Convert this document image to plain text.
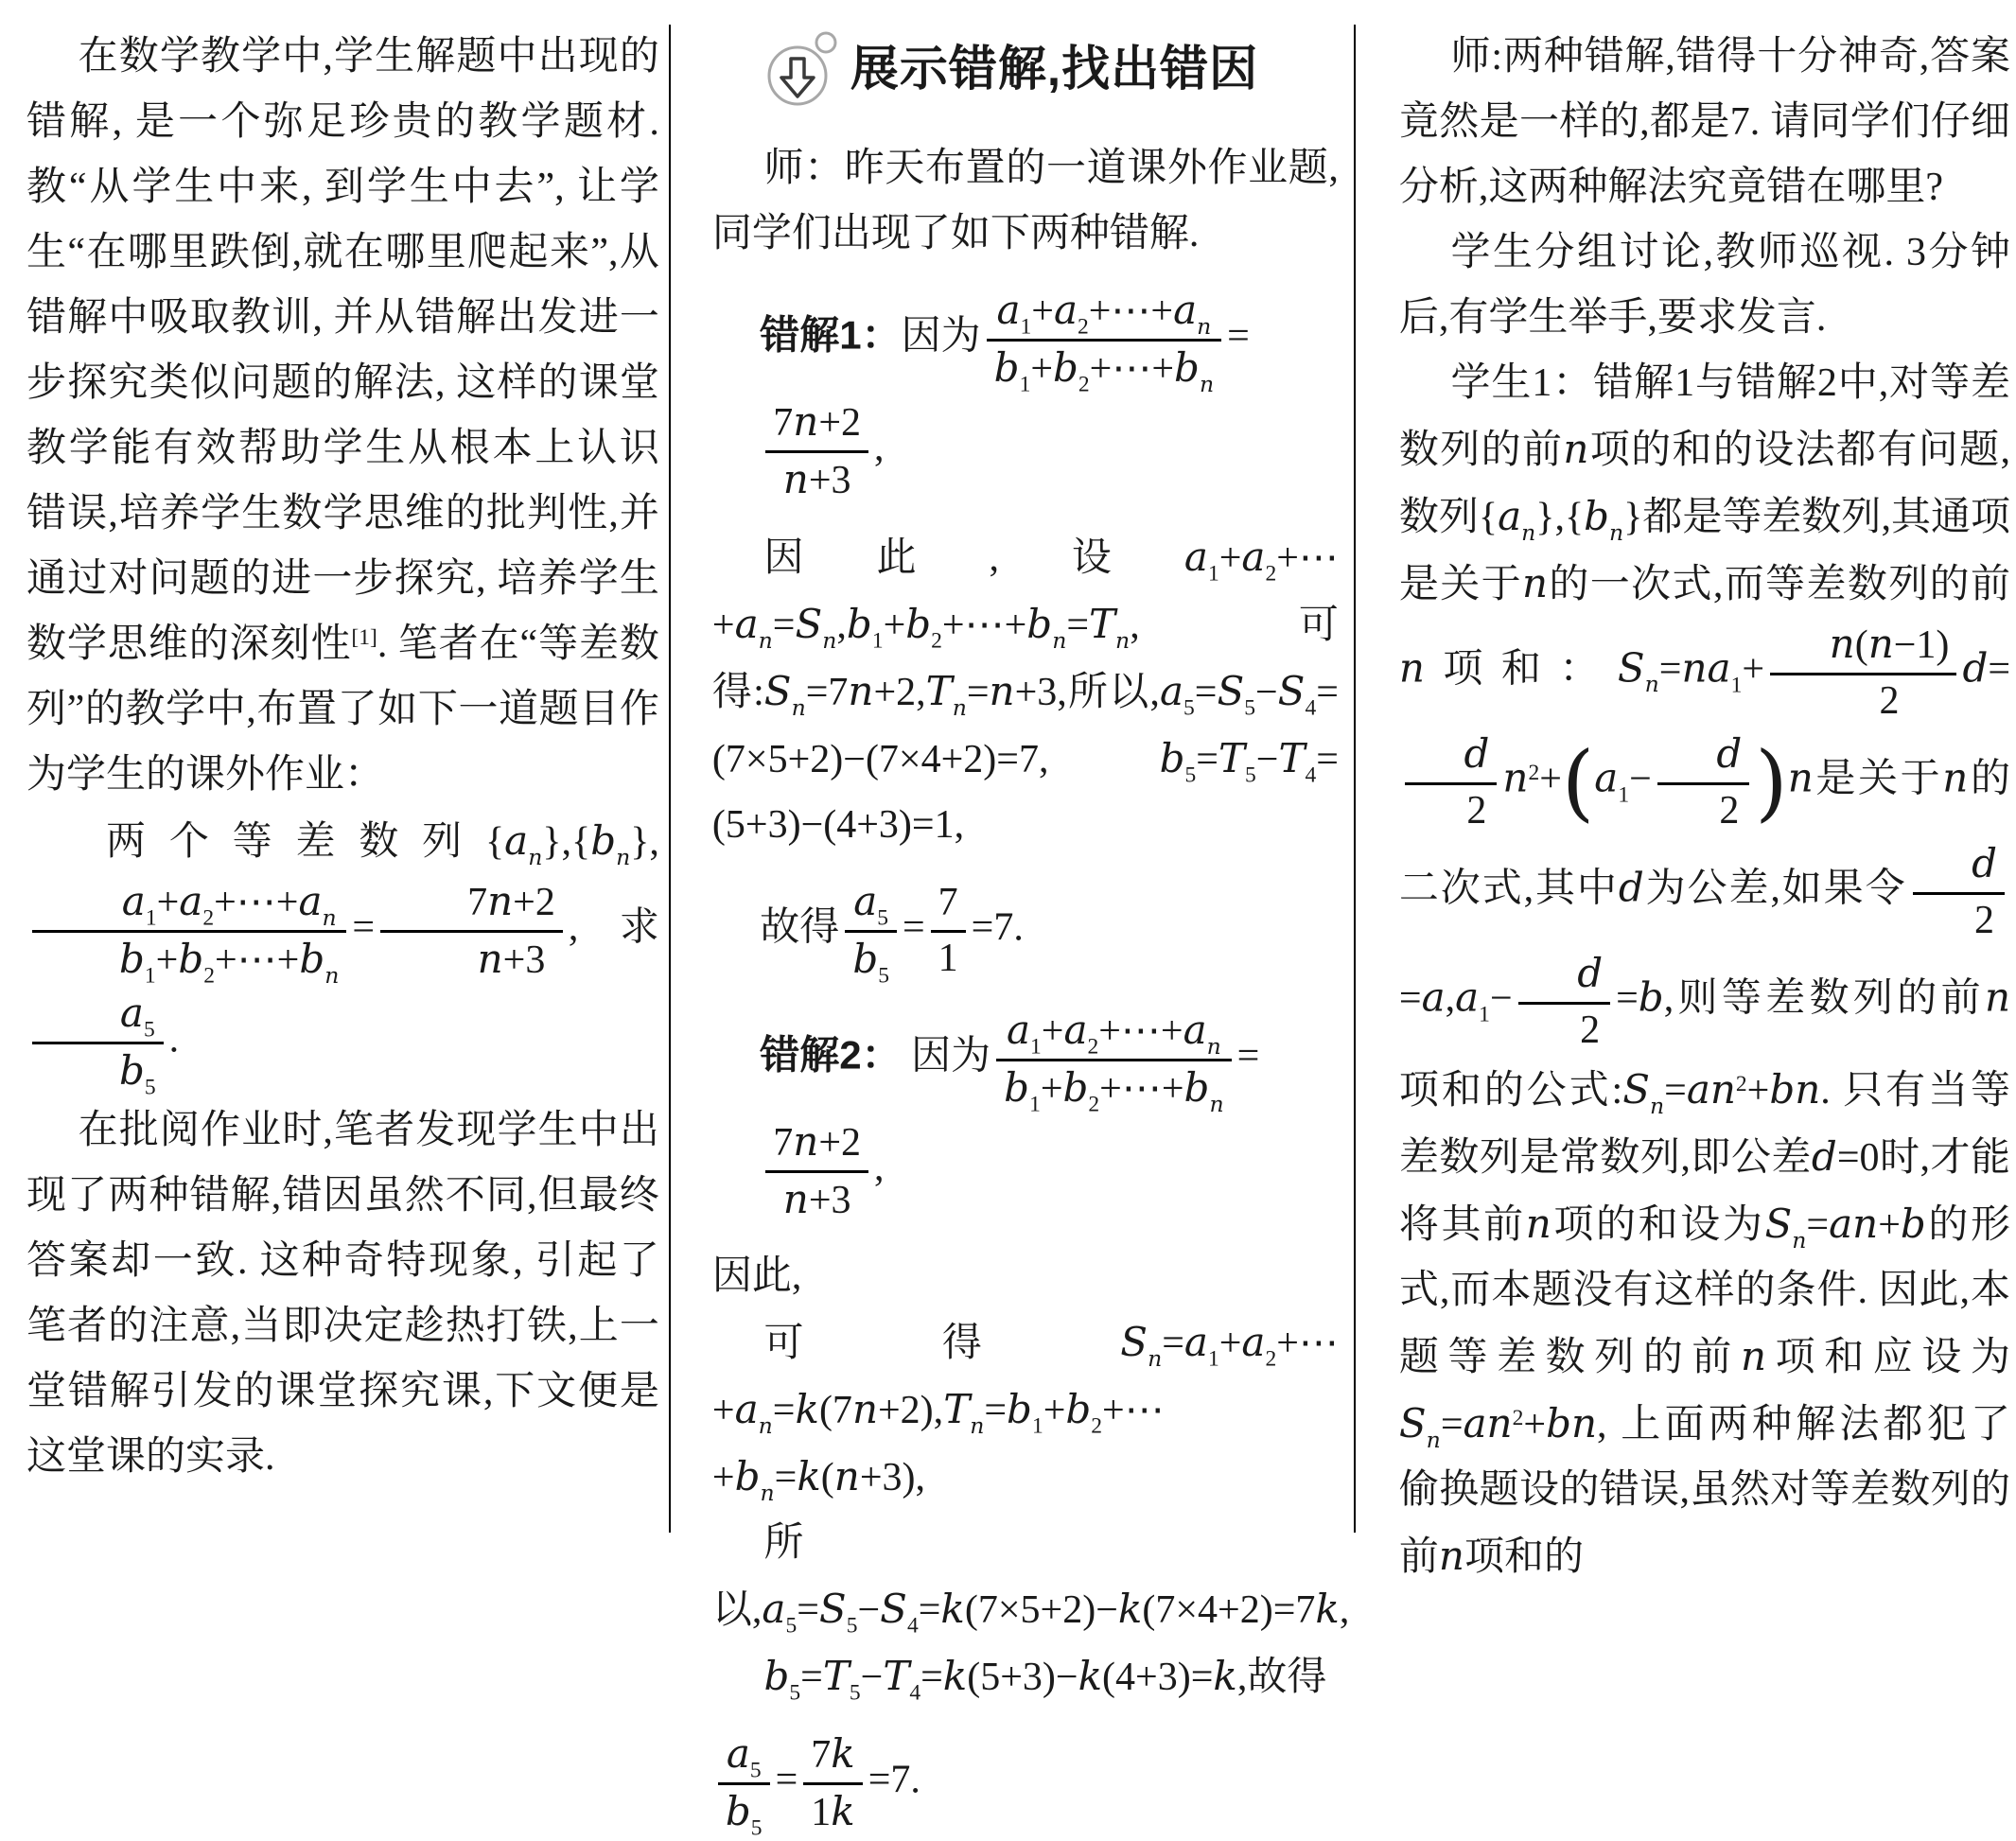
在数学教学中,学生解题中出现的错解, 是一个弥足珍贵的教学题材. 教“从学生中来, 到学生中去”, 让学生“在哪里跌倒,就在哪里爬起来”,从错解中吸取教训, 并从错解出发进一步探究类似问题的解法, 这样的课堂教学能有效帮助学生从根本上认识错误,培养学生数学思维的批判性,并通过对问题的进一步探究, 培养学生数学思维的深刻性[1]. 笔者在“等差数列”的教学中,布置了如下一道题目作为学生的课外作业：

两个等差数列$\{a_n\},\{b_n\}$,
$\frac{a_1+a_2+\cdots+a_n}{b_1+b_2+\cdots+b_n} = \frac{7n+2}{n+3}$ ,求
$\frac{a_5}{b_5}$ .

在批阅作业时,笔者发现学生中出现了两种错解,错因虽然不同,但最终答案却一致. 这种奇特现象, 引起了笔者的注意,当即决定趁热打铁,上一堂错解引发的课堂探究课,下文便是这堂课的实录.

展示错解,找出错因

师：昨天布置的一道课外作业题,同学们出现了如下两种错解.

错解1：因为 $\frac{a_1+a_2+\cdots+a_n}{b_1+b_2+\cdots+b_n}$ =
$\frac{7n+2}{n+3}$ ,

因此,设$a_1+a_2+\cdots+a_n=S_n,b_1+b_2+\cdots+b_n=T_n$,可得$:S_n=7n+2,T_n=n+3$,所以$,a_5=S_5-S_4=(7\times 5+2)-(7\times 4+2)=7$,  $b_5=T_5-T_4=(5+3)-(4+3)=1$,

故得 $\frac{a_5}{b_5} = \frac{7}{1} =7$.
错解2： 因为 $\frac{a_1+a_2+\cdots+a_n}{b_1+b_2+\cdots+b_n}$ =
$\frac{7n+2}{n+3}$ ,

因此,

可得$S_n=a_1+a_2+\cdots+a_n=k(7n+2),T_n=b_1+b_2+\cdots+b_n=k(n+3)$,

所以$,a_5=S_5-S_4=k(7\times 5+2)-k(7\times 4+2)=7k$,

$b_5=T_5-T_4=k(5+3)-k(4+3)=k$,故得

$\frac{a_5}{b_5} = \frac{7k}{1k} =7$.

师:两种错解,错得十分神奇,答案竟然是一样的,都是7. 请同学们仔细分析,这两种解法究竟错在哪里?

学生分组讨论,教师巡视. 3分钟后,有学生举手,要求发言.

学生1：错解1与错解2中,对等差数列的前n项的和的设法都有问题,数列$\{a_n\},\{b_n\}$都是等差数列,其通项是关于n的一次式,而等差数列的前n项和：$S_n=na_1+ \frac{n(n-1)}{2} d=$
$\frac{d}{2} n^2+(a_1- \frac{d}{2} )n$是关于n的二次式,其中d为公差,如果令 $\frac{d}{2}$
$=a,a_1- \frac{d}{2} =b$,则等差数列的前n项和的公式$:S_n=an^2+bn$. 只有当等差数列是常数列,即公差d=0时,才能将其前n项的和设为$S_n=an+b$的形式,而本题没有这样的条件. 因此,本题等差数列的前n项和应设为$S_n=an^2+bn$, 上面两种解法都犯了偷换题设的错误,虽然对等差数列的前n项和的
